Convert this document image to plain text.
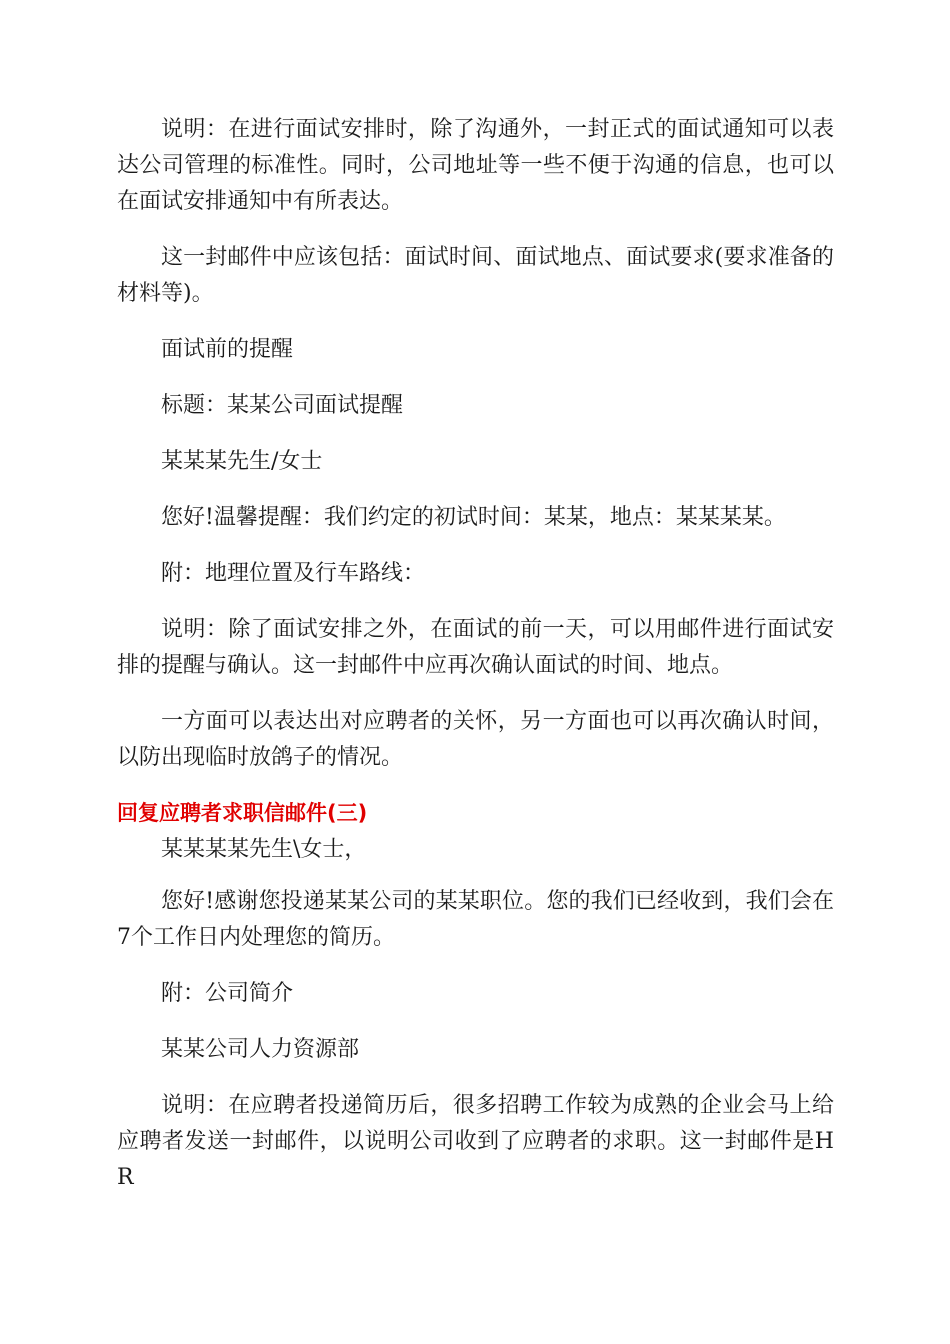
说明：在进行面试安排时，除了沟通外，一封正式的面试通知可以表达公司管理的标准性。同时，公司地址等一些不便于沟通的信息，也可以在面试安排通知中有所表达。

这一封邮件中应该包括：面试时间、面试地点、面试要求(要求准备的材料等)。

面试前的提醒

标题：某某公司面试提醒

某某某先生/女士

您好!温馨提醒：我们约定的初试时间：某某，地点：某某某某。

附：地理位置及行车路线：

说明：除了面试安排之外，在面试的前一天，可以用邮件进行面试安排的提醒与确认。这一封邮件中应再次确认面试的时间、地点。

一方面可以表达出对应聘者的关怀，另一方面也可以再次确认时间，以防出现临时放鸽子的情况。

回复应聘者求职信邮件(三)

某某某某先生\女士，

您好!感谢您投递某某公司的某某职位。您的我们已经收到，我们会在7个工作日内处理您的简历。

附：公司简介

某某公司人力资源部

说明：在应聘者投递简历后，很多招聘工作较为成熟的企业会马上给应聘者发送一封邮件，以说明公司收到了应聘者的求职。这一封邮件是HR
